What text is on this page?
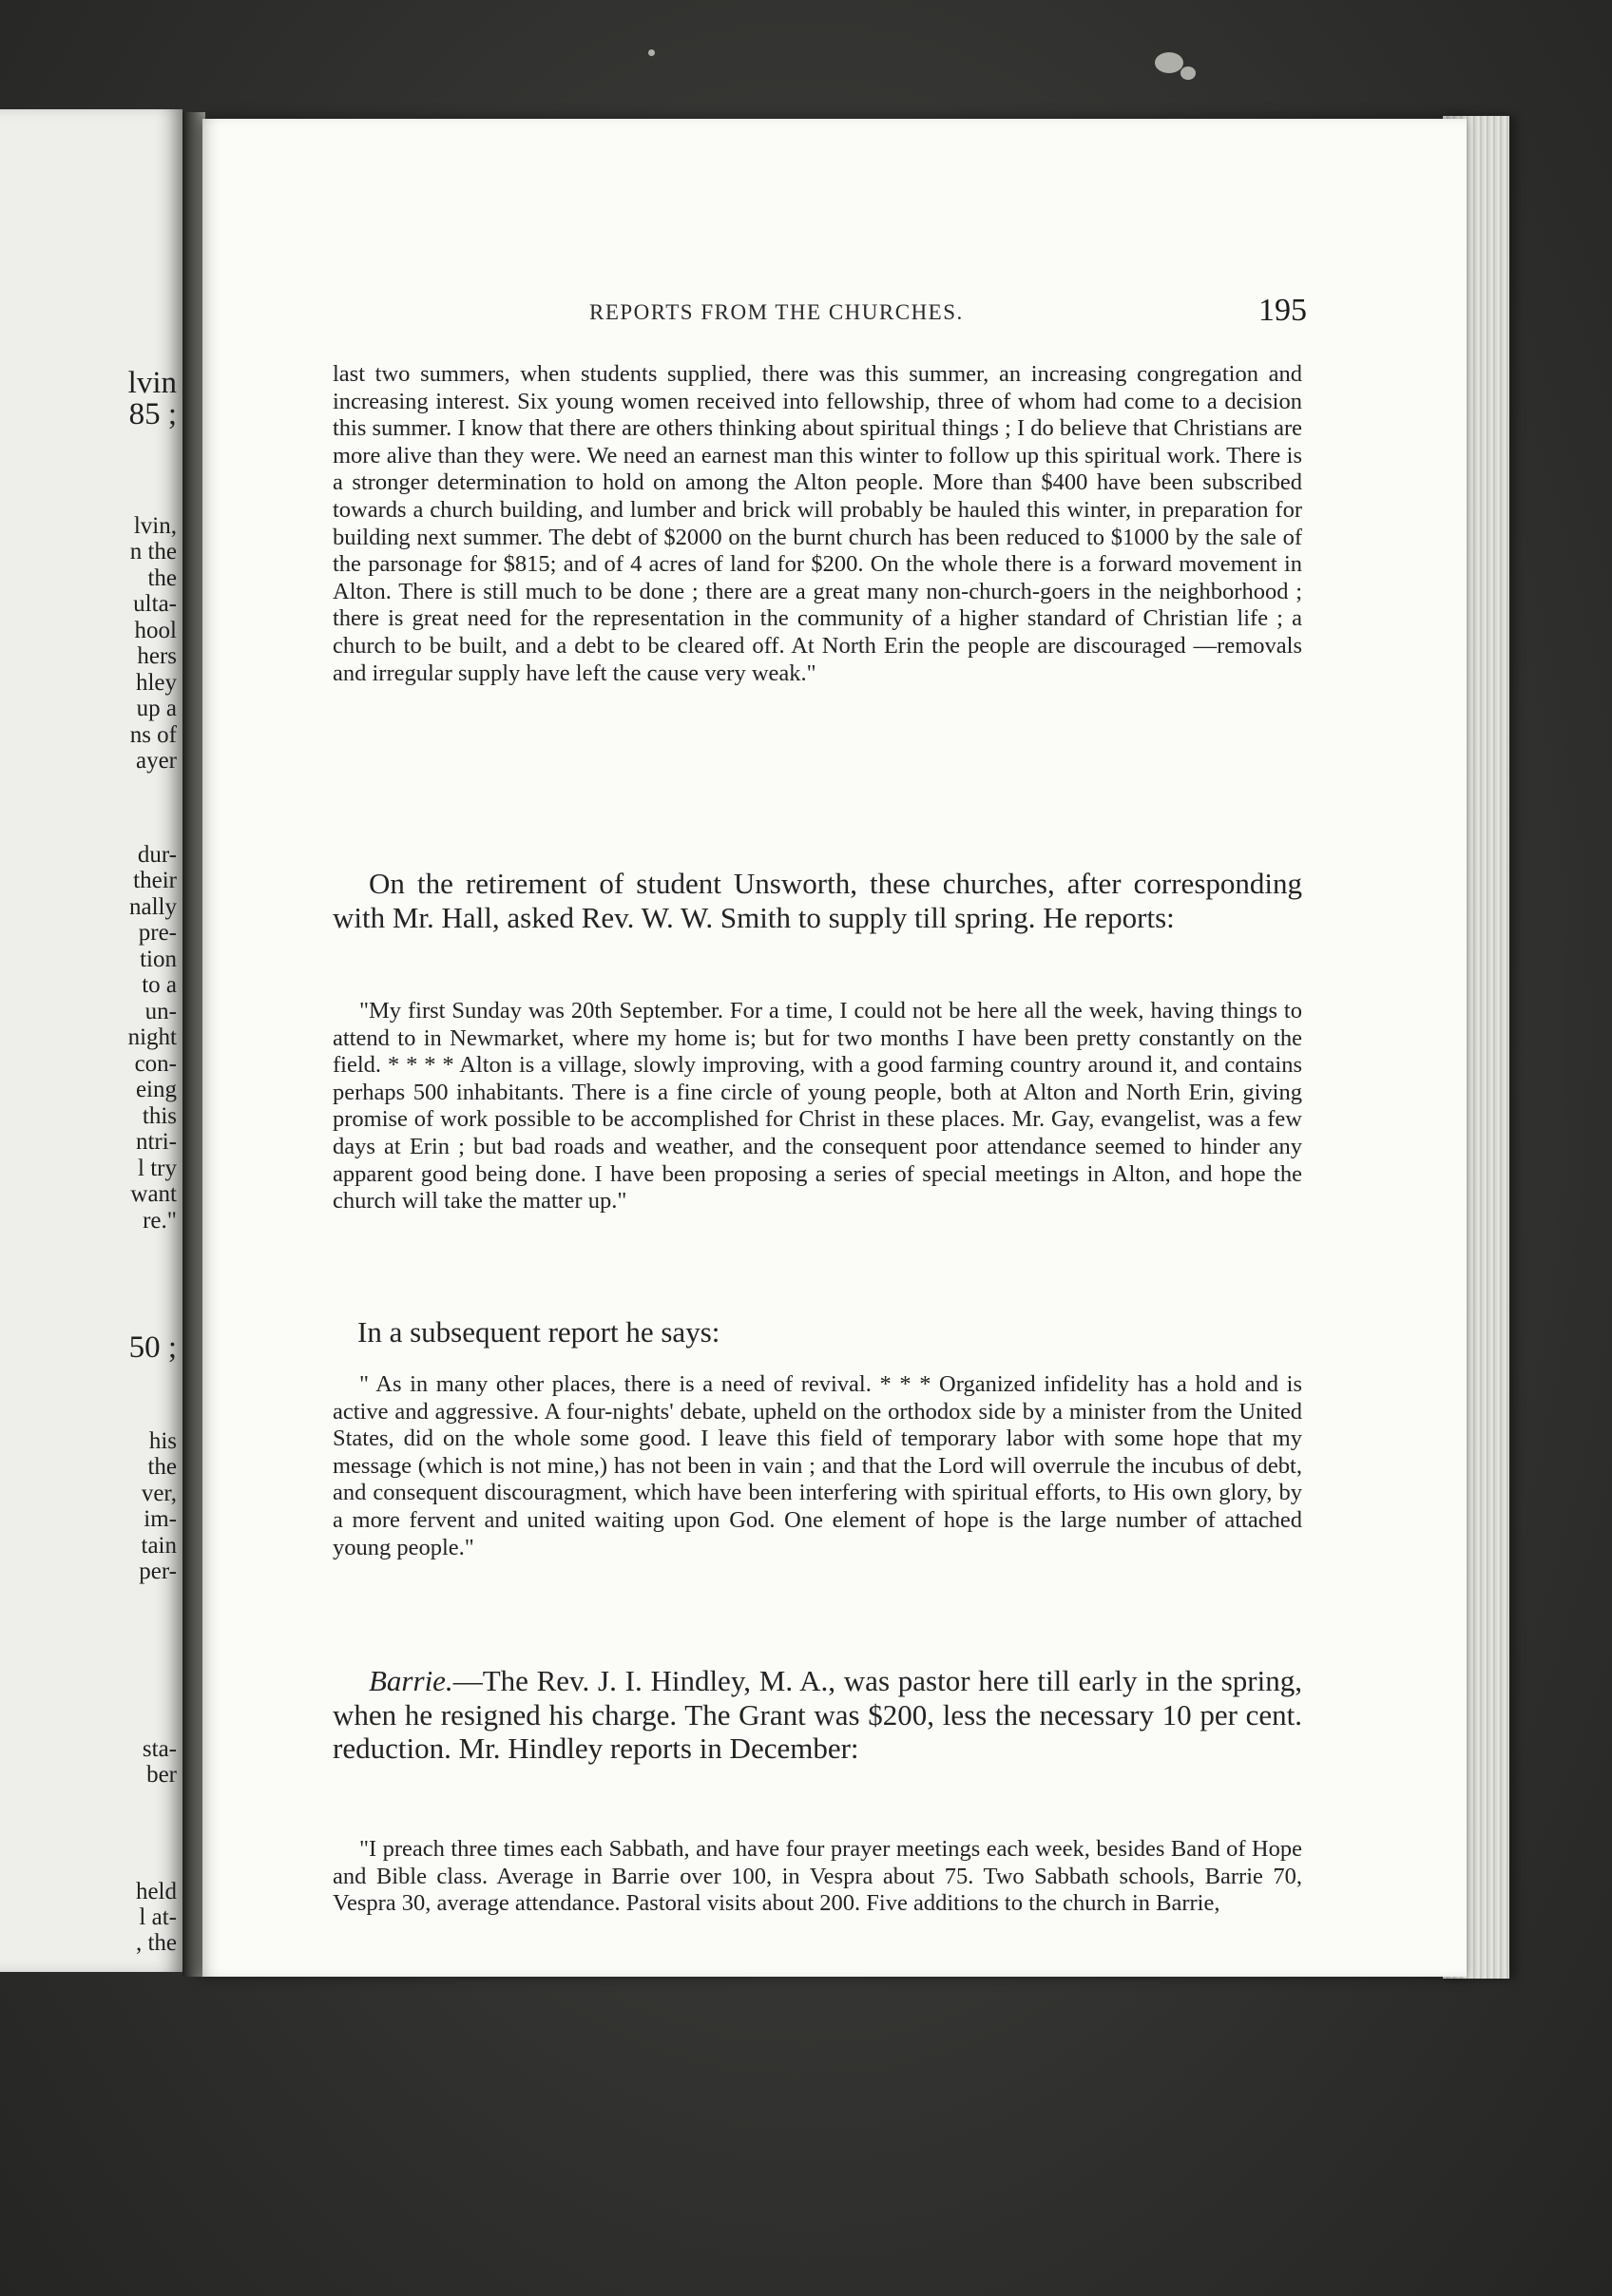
lvin
85 ;
lvin,
n the
the
ulta-
hool
hers
hley
up a
ns of
ayer
dur-
their
nally
pre-
tion
to a
un-
night
con-
eing
this
ntri-
l try
want
re."
50 ;
his
the
ver,
im-
tain
per-
sta-
ber
held
l at-
, the
REPORTS FROM THE CHURCHES.	195

last two summers, when students supplied, there was this summer, an increasing congregation and increasing interest. Six young women received into fellowship, three of whom had come to a decision this summer. I know that there are others thinking about spiritual things ; I do believe that Christians are more alive than they were. We need an earnest man this winter to follow up this spiritual work. There is a stronger determination to hold on among the Alton people. More than $400 have been subscribed towards a church building, and lumber and brick will probably be hauled this winter, in preparation for building next summer. The debt of $2000 on the burnt church has been reduced to $1000 by the sale of the parsonage for $815; and of 4 acres of land for $200. On the whole there is a forward movement in Alton. There is still much to be done ; there are a great many non-church-goers in the neighborhood ; there is great need for the representation in the community of a higher standard of Christian life ; a church to be built, and a debt to be cleared off. At North Erin the people are discouraged —removals and irregular supply have left the cause very weak."

On the retirement of student Unsworth, these churches, after corresponding with Mr. Hall, asked Rev. W. W. Smith to supply till spring. He reports:

"My first Sunday was 20th September. For a time, I could not be here all the week, having things to attend to in Newmarket, where my home is; but for two months I have been pretty constantly on the field. * * * * Alton is a village, slowly improving, with a good farming country around it, and contains perhaps 500 inhabitants. There is a fine circle of young people, both at Alton and North Erin, giving promise of work possible to be accomplished for Christ in these places. Mr. Gay, evangelist, was a few days at Erin ; but bad roads and weather, and the consequent poor attendance seemed to hinder any apparent good being done. I have been proposing a series of special meetings in Alton, and hope the church will take the matter up."

In a subsequent report he says:

" As in many other places, there is a need of revival. * * * Organized infidelity has a hold and is active and aggressive. A four-nights' debate, upheld on the orthodox side by a minister from the United States, did on the whole some good. I leave this field of temporary labor with some hope that my message (which is not mine,) has not been in vain ; and that the Lord will overrule the incubus of debt, and consequent discouragment, which have been interfering with spiritual efforts, to His own glory, by a more fervent and united waiting upon God. One element of hope is the large number of attached young people."

Barrie.—The Rev. J. I. Hindley, M. A., was pastor here till early in the spring, when he resigned his charge. The Grant was $200, less the necessary 10 per cent. reduction. Mr. Hindley reports in December:

"I preach three times each Sabbath, and have four prayer meetings each week, besides Band of Hope and Bible class. Average in Barrie over 100, in Vespra about 75. Two Sabbath schools, Barrie 70, Vespra 30, average attendance. Pastoral visits about 200. Five additions to the church in Barrie,
